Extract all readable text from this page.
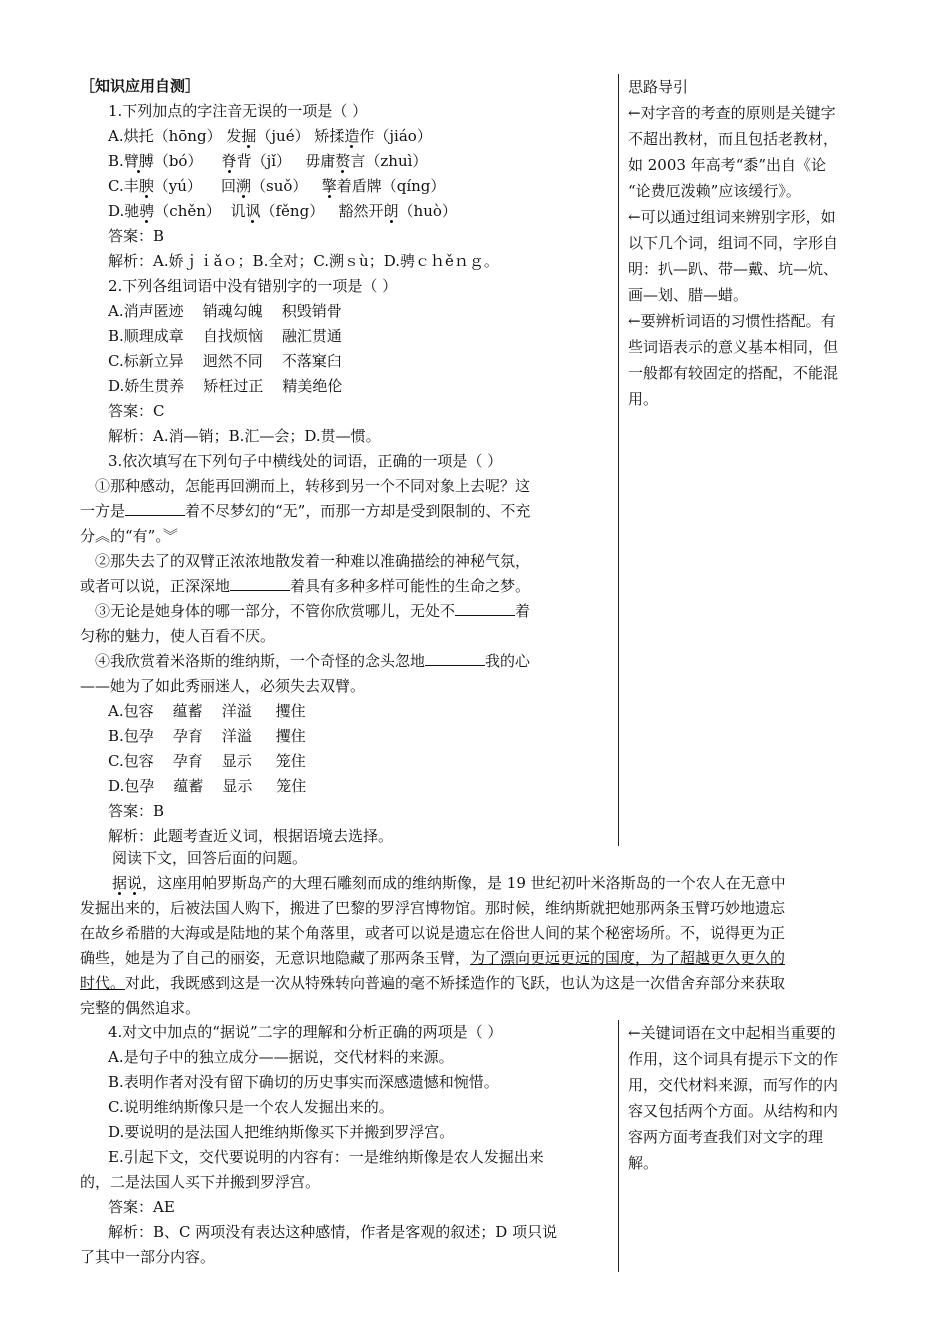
［知识应用自测］
1.下列加点的字注音无误的一项是（ ）
A.烘托（hōng） 发掘（jué） 矫揉造作（jiáo）
B.臂膊（bó）    脊背（jǐ）   毋庸赘言（zhuì）
C.丰腴（yú）    回溯（suǒ）   擎着盾牌（qíng）
D.驰骋（chěn）  讥讽（fěng）   豁然开朗（huò）
答案：B
解析：A.娇ｊｉǎｏ；B.全对；C.溯ｓù；D.骋ｃｈěｎｇ。
2.下列各组词语中没有错别字的一项是（ ）
A.消声匿迹    销魂勾魄    积毁销骨
B.顺理成章    自找烦恼    融汇贯通
C.标新立异    迥然不同    不落窠臼
D.娇生贯养    矫枉过正    精美绝伦
答案：C
解析：A.消—销；B.汇—会；D.贯—惯。
3.依次填写在下列句子中横线处的词语，正确的一项是（ ）
①那种感动，怎能再回溯而上，转移到另一个不同对象上去呢？这
一方是	着不尽梦幻的“无”，而那一方却是受到限制的、不充
分︽的“有”。︾
②那失去了的双臂正浓浓地散发着一种难以准确描绘的神秘气氛，
或者可以说，正深深地	着具有多种多样可能性的生命之梦。
③无论是她身体的哪一部分，不管你欣赏哪儿，无处不	着
匀称的魅力，使人百看不厌。
④我欣赏着米洛斯的维纳斯，一个奇怪的念头忽地	我的心
——她为了如此秀丽迷人，必须失去双臂。
A.包容    蕴蓄    洋溢     攫住
B.包孕    孕育    洋溢     攫住
C.包容    孕育    显示     笼住
D.包孕    蕴蓄    显示     笼住
答案：B
解析：此题考查近义词，根据语境去选择。
思路导引
←对字音的考查的原则是关键字
不超出教材，而且包括老教材，
如 2003 年高考“黍”出自《论
“论费厄泼赖”应该缓行》。
←可以通过组词来辨别字形，如
以下几个词，组词不同，字形自
明：扒—趴、带—戴、坑—炕、
画—划、腊—蜡。
←要辨析词语的习惯性搭配。有
些词语表示的意义基本相同，但
一般都有较固定的搭配，不能混
用。
阅读下文，回答后面的问题。
据说，这座用帕罗斯岛产的大理石雕刻而成的维纳斯像，是 19 世纪初叶米洛斯岛的一个农人在无意中
发掘出来的，后被法国人购下，搬进了巴黎的罗浮宫博物馆。那时候，维纳斯就把她那两条玉臂巧妙地遗忘
在故乡希腊的大海或是陆地的某个角落里，或者可以说是遗忘在俗世人间的某个秘密场所。不，说得更为正
确些，她是为了自己的丽姿，无意识地隐藏了那两条玉臂，为了漂向更远更远的国度，为了超越更久更久的
时代。对此，我既感到这是一次从特殊转向普遍的毫不矫揉造作的飞跃，也认为这是一次借舍弃部分来获取
完整的偶然追求。
4.对文中加点的“据说”二字的理解和分析正确的两项是（ ）
A.是句子中的独立成分——据说，交代材料的来源。
B.表明作者对没有留下确切的历史事实而深感遗憾和惋惜。
C.说明维纳斯像只是一个农人发掘出来的。
D.要说明的是法国人把维纳斯像买下并搬到罗浮宫。
E.引起下文，交代要说明的内容有：一是维纳斯像是农人发掘出来
的，二是法国人买下并搬到罗浮宫。
答案：AE
解析：B、C 两项没有表达这种感情，作者是客观的叙述；D 项只说
了其中一部分内容。
←关键词语在文中起相当重要的
作用，这个词具有提示下文的作
用，交代材料来源，而写作的内
容又包括两个方面。从结构和内
容两方面考查我们对文字的理
解。
